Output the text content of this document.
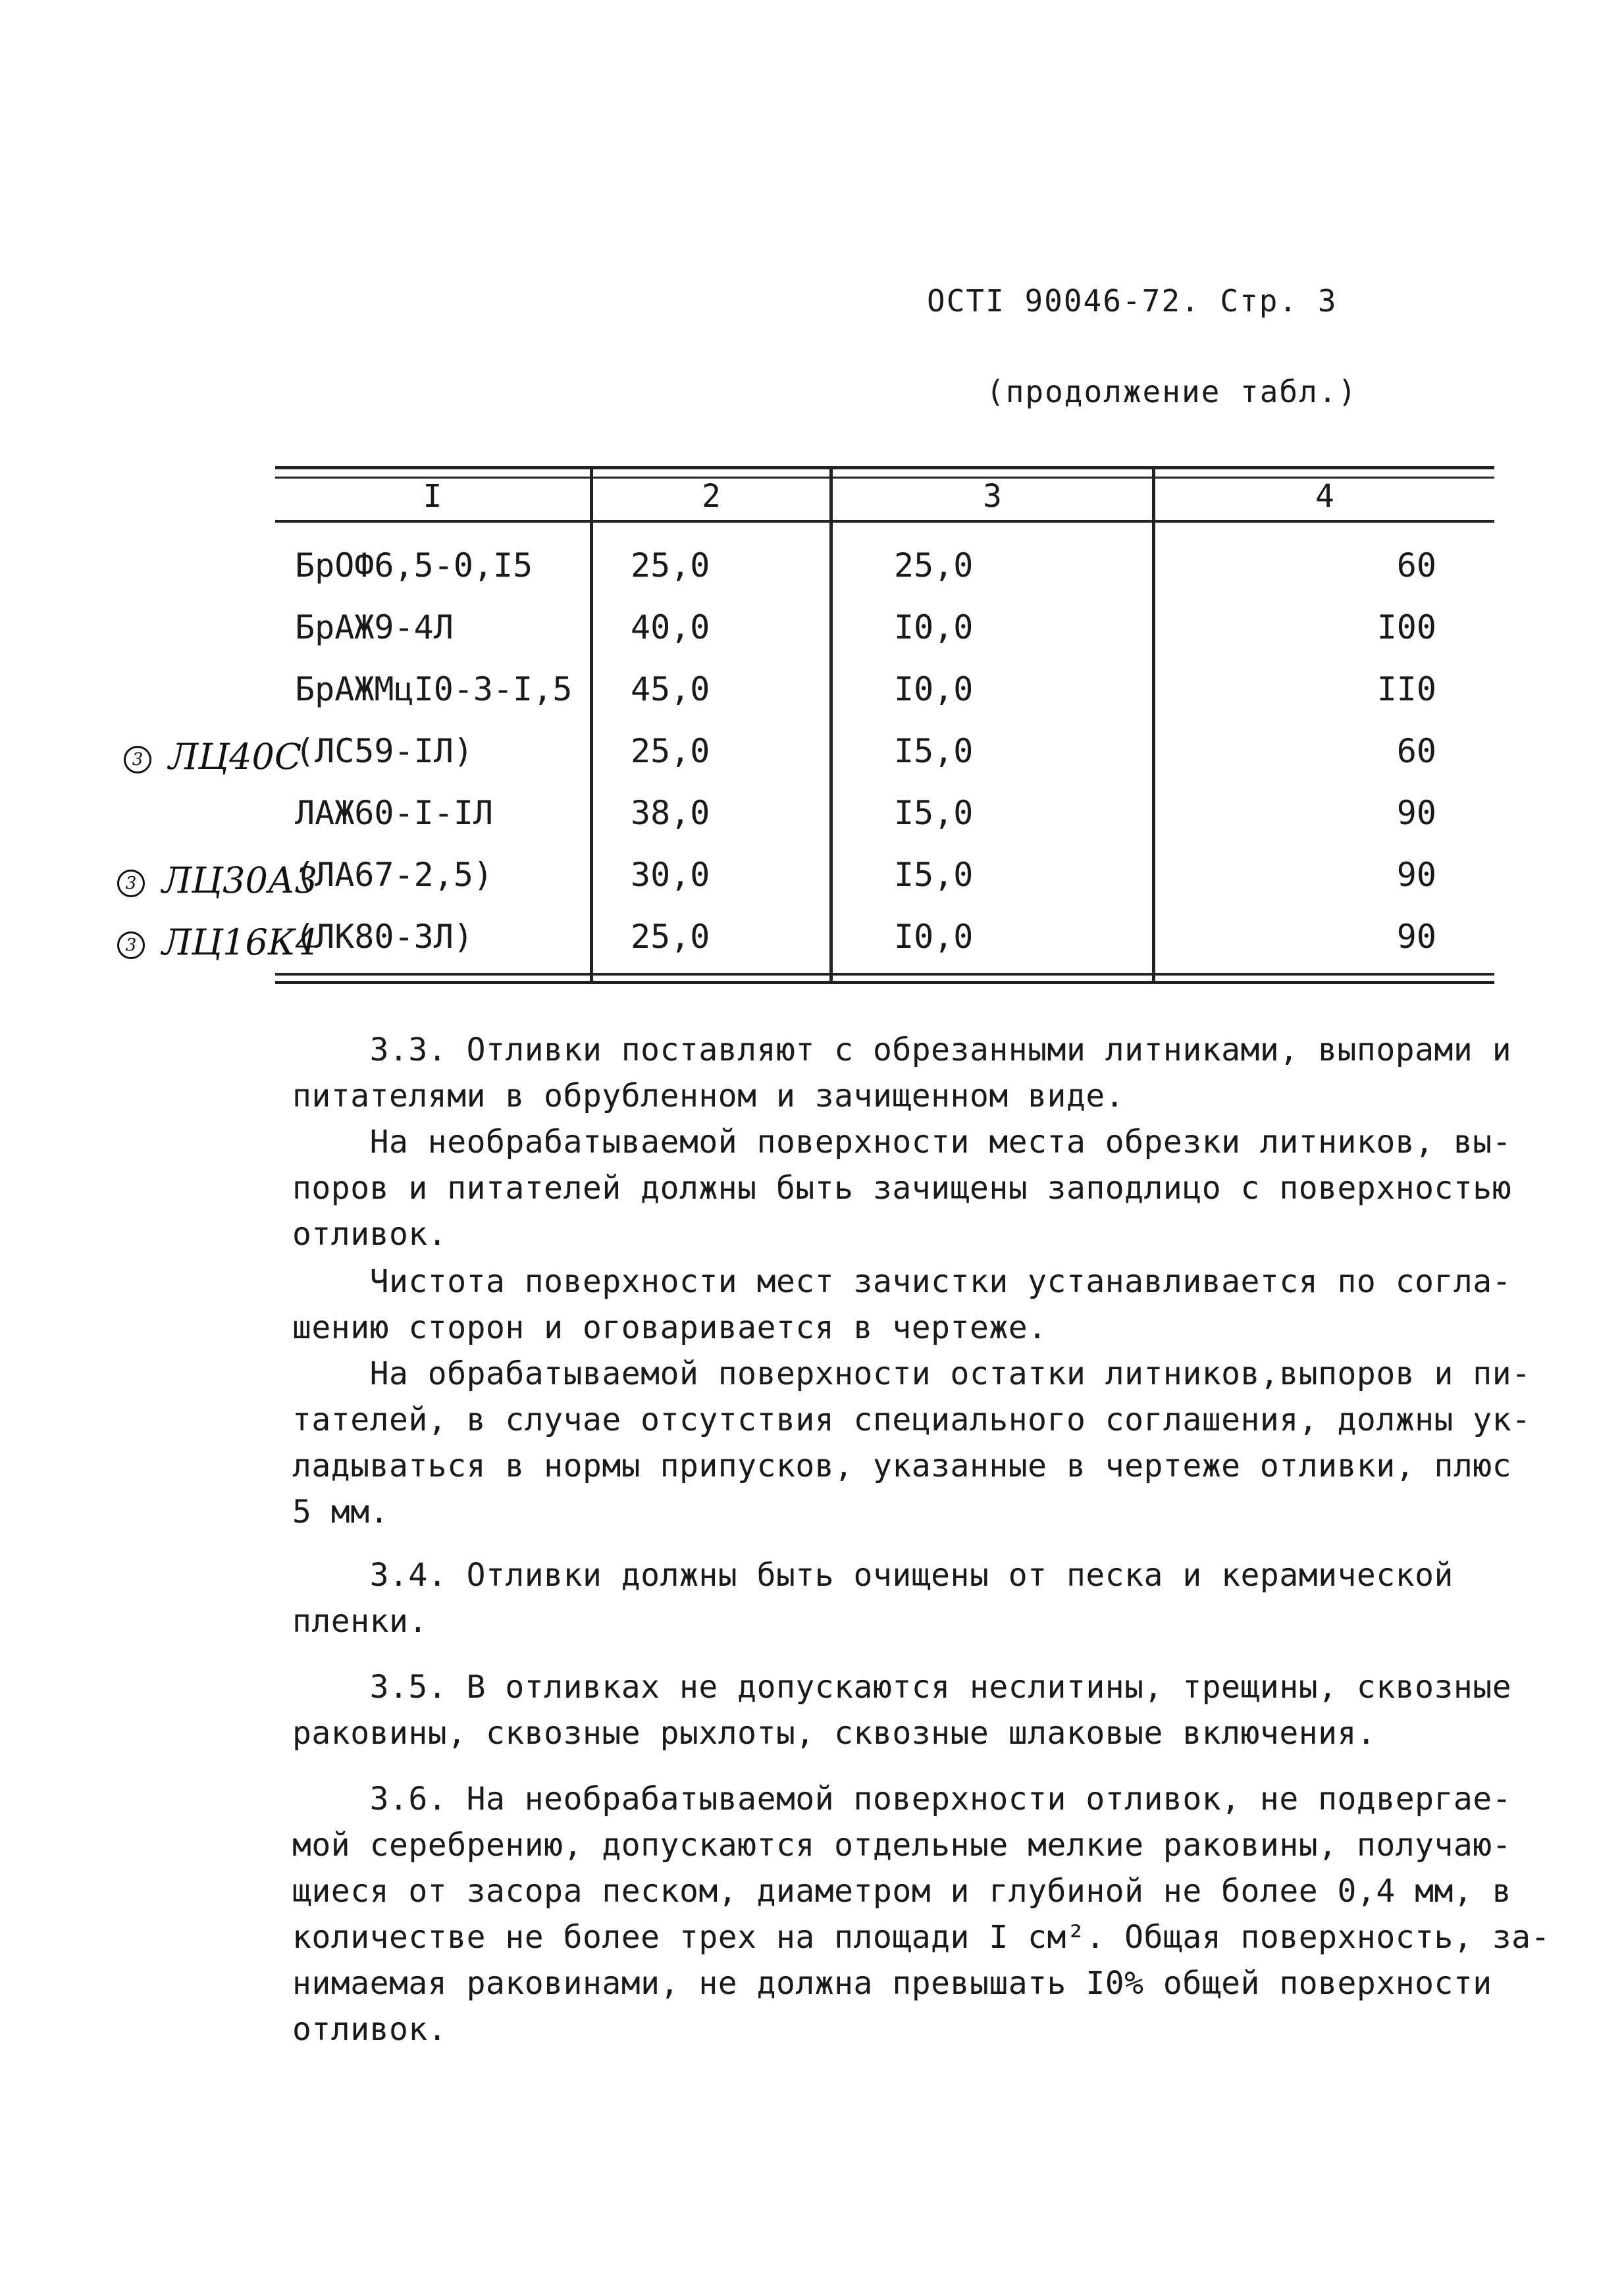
ОСТI 90046-72. Стр. 3
(продолжение табл.)
I	2	3	4
БрОФ6,5-0,I5	25,0	25,0	60
БрАЖ9-4Л	40,0	I0,0	I00
БрАЖМцI0-3-I,5 45,0	I0,0	II0
(ЛС59-IЛ)	25,0	I5,0	60
ЛАЖ60-I-IЛ	38,0	I5,0	90
(ЛА67-2,5)	30,0	I5,0	90
(ЛК80-3Л)	25,0	I0,0	90
3 ЛЦ40С
3 ЛЦ30А3
3 ЛЦ16К4
3.3. Отливки поставляют с обрезанными литниками, выпорами и
питателями в обрубленном и зачищенном виде.
На необрабатываемой поверхности места обрезки литников, вы-
поров и питателей должны быть зачищены заподлицо с поверхностью
отливок.
Чистота поверхности мест зачистки устанавливается по согла-
шению сторон и оговаривается в чертеже.
На обрабатываемой поверхности остатки литников,выпоров и пи-
тателей, в случае отсутствия специального соглашения, должны ук-
ладываться в нормы припусков, указанные в чертеже отливки, плюс
5 мм.
3.4. Отливки должны быть очищены от песка и керамической
пленки.
3.5. В отливках не допускаются неслитины, трещины, сквозные
раковины, сквозные рыхлоты, сквозные шлаковые включения.
3.6. На необрабатываемой поверхности отливок, не подвергае-
мой серебрению, допускаются отдельные мелкие раковины, получаю-
щиеся от засора песком, диаметром и глубиной не более 0,4 мм, в
количестве не более трех на площади I см². Общая поверхность, за-
нимаемая раковинами, не должна превышать I0% общей поверхности
отливок.
